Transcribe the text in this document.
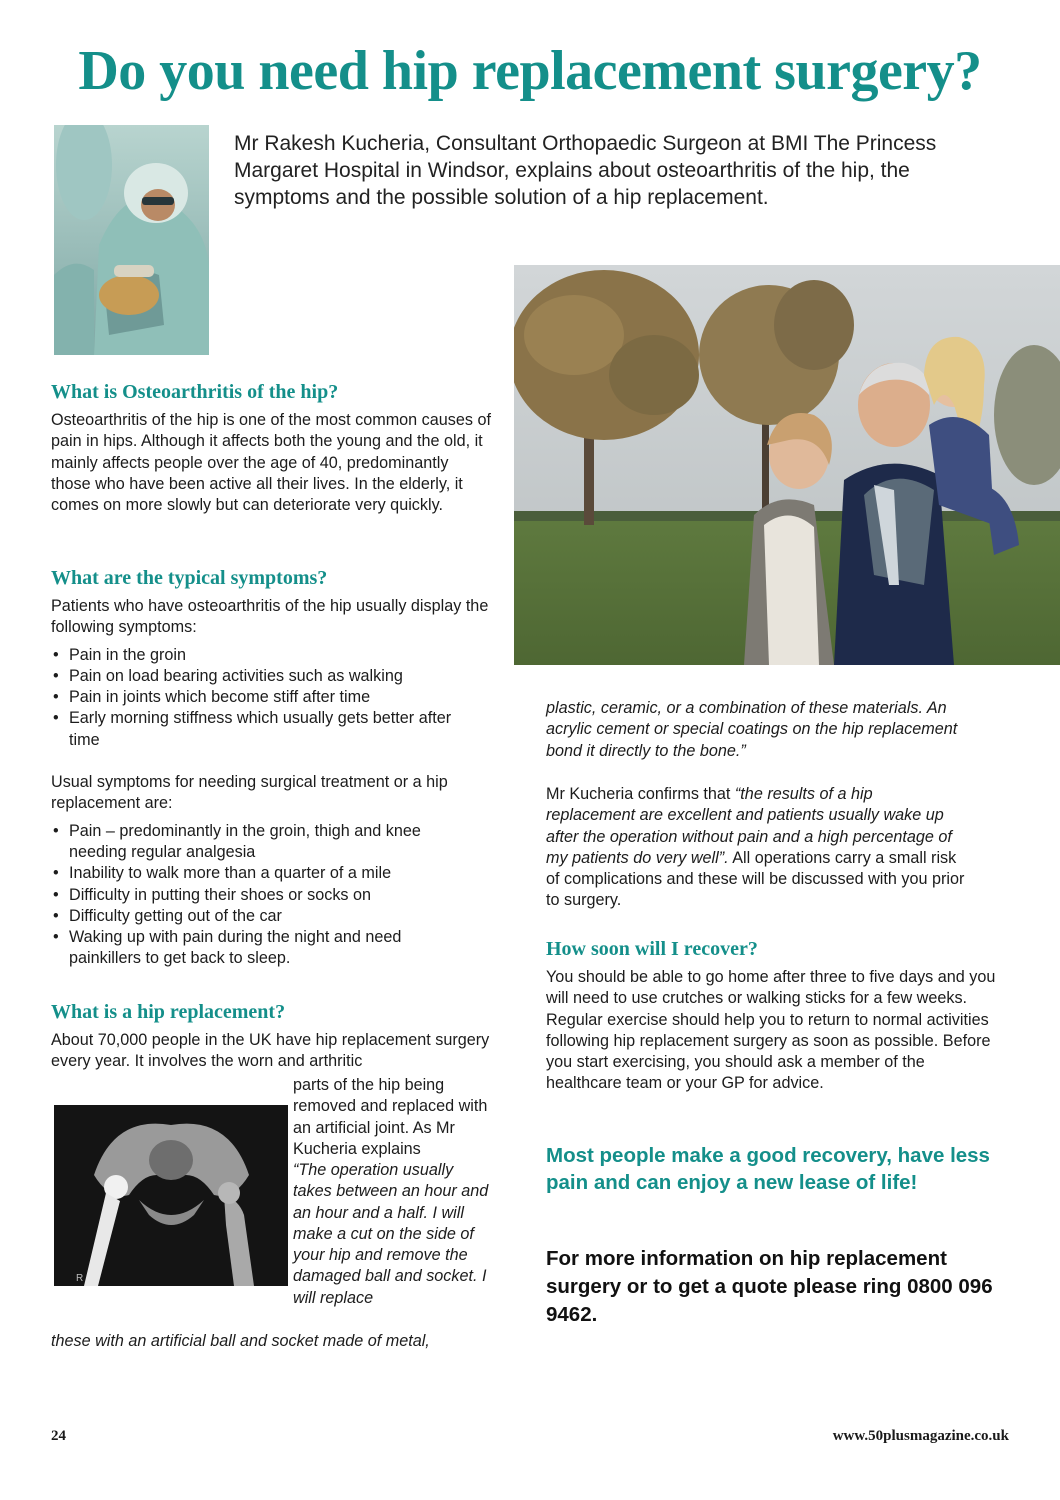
Do you need hip replacement surgery?
Mr Rakesh Kucheria, Consultant Orthopaedic Surgeon at BMI The Princess Margaret Hospital in Windsor, explains about osteoarthritis of the hip, the symptoms and the possible solution of a hip replacement.
What is Osteoarthritis of the hip?
Osteoarthritis of the hip is one of the most common causes of pain in hips. Although it affects both the young and the old, it mainly affects people over the age of 40, predominantly those who have been active all their lives. In the elderly, it comes on more slowly but can deteriorate very quickly.
What are the typical symptoms?
Patients who have osteoarthritis of the hip usually display the following symptoms:
• Pain in the groin
• Pain on load bearing activities such as walking
• Pain in joints which become stiff after time
• Early morning stiffness which usually gets better after time
Usual symptoms for needing surgical treatment or a hip replacement are:
• Pain – predominantly in the groin, thigh and knee needing regular analgesia
• Inability to walk more than a quarter of a mile
• Difficulty in putting their shoes or socks on
• Difficulty getting out of the car
• Waking up with pain during the night and need painkillers to get back to sleep.
What is a hip replacement?
About 70,000 people in the UK have hip replacement surgery every year. It involves the worn and arthritic
R
parts of the hip being removed and replaced with an artificial joint. As Mr Kucheria explains
“The operation usually takes between an hour and an hour and a half. I will make a cut on the side of your hip and remove the damaged ball and socket. I will replace
these with an artificial ball and socket made of metal,
plastic, ceramic, or a combination of these materials. An acrylic cement or special coatings on the hip replacement bond it directly to the bone.”
Mr Kucheria confirms that “the results of a hip replacement are excellent and patients usually wake up after the operation without pain and a high percentage of my patients do very well”. All operations carry a small risk of complications and these will be discussed with you prior to surgery.
How soon will I recover?
You should be able to go home after three to five days and you will need to use crutches or walking sticks for a few weeks. Regular exercise should help you to return to normal activities following hip replacement surgery as soon as possible. Before you start exercising, you should ask a member of the healthcare team or your GP for advice.
Most people make a good recovery, have less pain and can enjoy a new lease of life!
For more information on hip replacement surgery or to get a quote please ring 0800 096 9462.
24	www.50plusmagazine.co.uk
